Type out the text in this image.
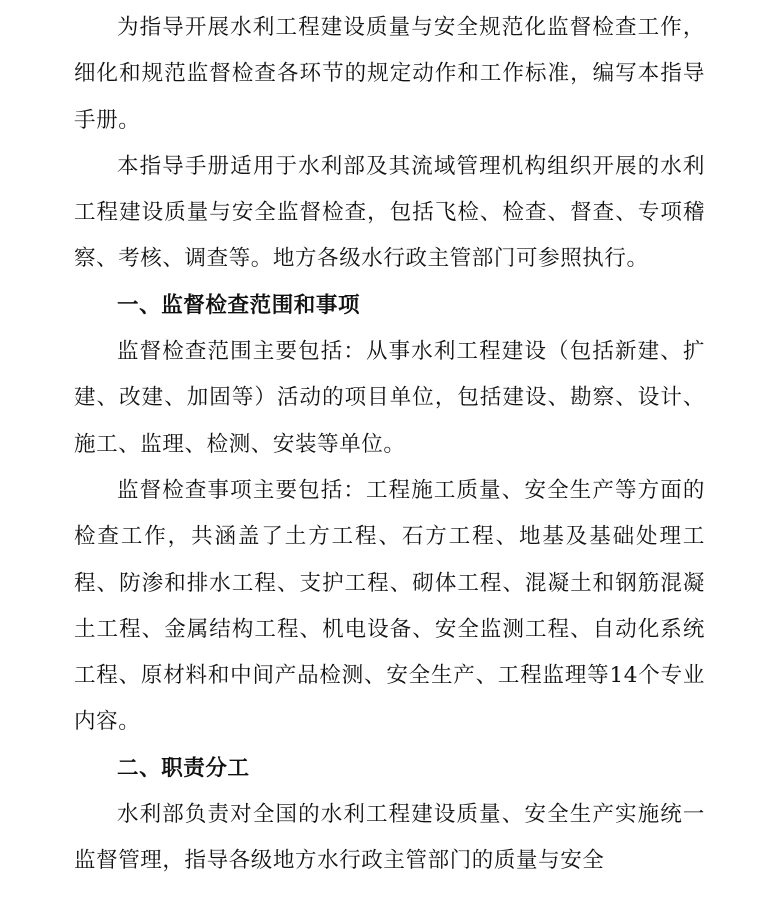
为指导开展水利工程建设质量与安全规范化监督检查工作，细化和规范监督检查各环节的规定动作和工作标准，编写本指导手册。

本指导手册适用于水利部及其流域管理机构组织开展的水利工程建设质量与安全监督检查，包括飞检、检查、督查、专项稽察、考核、调查等。地方各级水行政主管部门可参照执行。

一、监督检查范围和事项

监督检查范围主要包括：从事水利工程建设（包括新建、扩建、改建、加固等）活动的项目单位，包括建设、勘察、设计、施工、监理、检测、安装等单位。

监督检查事项主要包括：工程施工质量、安全生产等方面的检查工作，共涵盖了土方工程、石方工程、地基及基础处理工程、防渗和排水工程、支护工程、砌体工程、混凝土和钢筋混凝土工程、金属结构工程、机电设备、安全监测工程、自动化系统工程、原材料和中间产品检测、安全生产、工程监理等14个专业内容。

二、职责分工

水利部负责对全国的水利工程建设质量、安全生产实施统一监督管理，指导各级地方水行政主管部门的质量与安全
